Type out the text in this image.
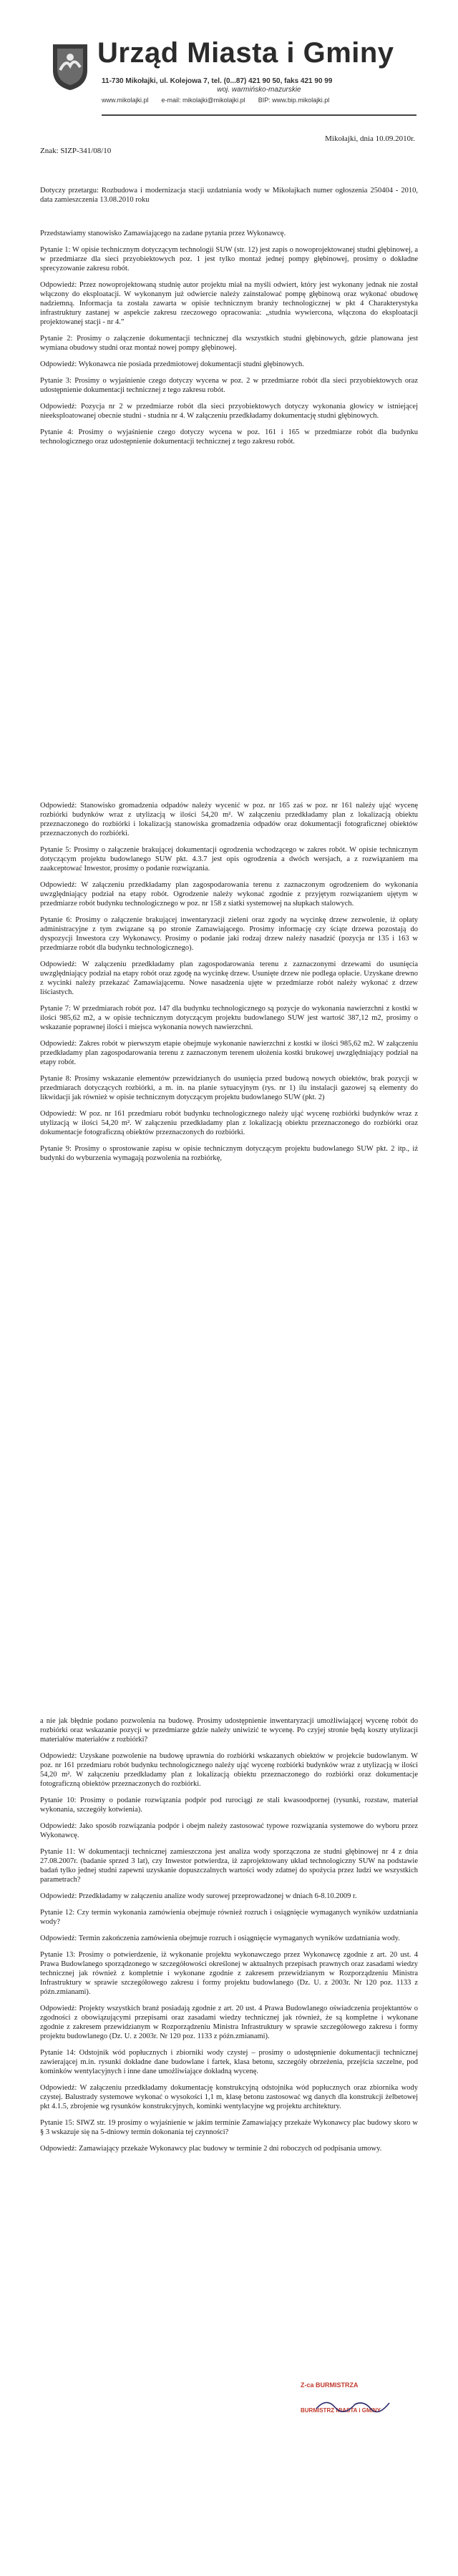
Urząd Miasta i Gminy
11-730 Mikołajki, ul. Kolejowa 7, tel. (0...87) 421 90 50, faks 421 90 99
woj. warmińsko-mazurskie
www.mikolajki.pl e-mail: mikolajki@mikolajki.pl BIP: www.bip.mikolajki.pl
Mikołajki, dnia 10.09.2010r.
Znak: SIZP-341/08/10

Dotyczy przetargu: Rozbudowa i modernizacja stacji uzdatniania wody w Mikołajkach numer ogłoszenia 250404 - 2010, data zamieszczenia 13.08.2010 roku

Przedstawiamy stanowisko Zamawiającego na zadane pytania przez Wykonawcę.

Pytanie 1: W opisie technicznym dotyczącym technologii SUW (str. 12) jest zapis o nowoprojektowanej studni głębinowej, a w przedmiarze dla sieci przyobiektowych poz. 1 jest tylko montaż jednej pompy głębinowej, prosimy o dokładne sprecyzowanie zakresu robót.

Odpowiedź: Przez nowoprojektowaną studnię autor projektu miał na myśli odwiert, który jest wykonany jednak nie został włączony do eksploatacji. W wykonanym już odwiercie należy zainstalować pompę głębinową oraz wykonać obudowę nadziemną. Informacja ta została zawarta w opisie technicznym branży technologicznej w pkt 4 Charakterystyka infrastruktury zastanej w aspekcie zakresu rzeczowego opracowania: „studnia wywiercona, włączona do eksploatacji projektowanej stacji - nr 4.”

Pytanie 2: Prosimy o załączenie dokumentacji technicznej dla wszystkich studni głębinowych, gdzie planowana jest wymiana obudowy studni oraz montaż nowej pompy głębinowej.

Odpowiedź: Wykonawca nie posiada przedmiotowej dokumentacji studni głębinowych.

Pytanie 3: Prosimy o wyjaśnienie czego dotyczy wycena w poz. 2 w przedmiarze robót dla sieci przyobiektowych oraz udostępnienie dokumentacji technicznej z tego zakresu robót.

Odpowiedź: Pozycja nr 2 w przedmiarze robót dla sieci przyobiektowych dotyczy wykonania głowicy w istniejącej nieeksploatowanej obecnie studni - studnia nr 4. W załączeniu przedkładamy dokumentację studni głębinowych.

Pytanie 4: Prosimy o wyjaśnienie czego dotyczy wycena w poz. 161 i 165 w przedmiarze robót dla budynku technologicznego oraz udostępnienie dokumentacji technicznej z tego zakresu robót.

Odpowiedź: Stanowisko gromadzenia odpadów należy wycenić w poz. nr 165 zaś w poz. nr 161 należy ująć wycenę rozbiórki budynków wraz z utylizacją w ilości 54,20 m². W załączeniu przedkładamy plan z lokalizacją obiektu przeznaczonego do rozbiórki i lokalizacją stanowiska gromadzenia odpadów oraz dokumentacji fotograficznej obiektów przeznaczonych do rozbiórki.

Pytanie 5: Prosimy o załączenie brakującej dokumentacji ogrodzenia wchodzącego w zakres robót. W opisie technicznym dotyczącym projektu budowlanego SUW pkt. 4.3.7 jest opis ogrodzenia a dwóch wersjach, a z rozwiązaniem ma zaakceptować Inwestor, prosimy o podanie rozwiązania.

Odpowiedź: W załączeniu przedkładamy plan zagospodarowania terenu z zaznaczonym ogrodzeniem do wykonania uwzględniający podział na etapy robót. Ogrodzenie należy wykonać zgodnie z przyjętym rozwiązaniem ujętym w przedmiarze robót budynku technologicznego w poz. nr 158 z siatki systemowej na słupkach stalowych.

Pytanie 6: Prosimy o załączenie brakującej inwentaryzacji zieleni oraz zgody na wycinkę drzew zezwolenie, iż opłaty administracyjne z tym związane są po stronie Zamawiającego. Prosimy informację czy ściąte drzewa pozostają do dyspozycji Inwestora czy Wykonawcy. Prosimy o podanie jaki rodzaj drzew należy nasadzić (pozycja nr 135 i 163 w przedmiarze robót dla budynku technologicznego).

Odpowiedź: W załączeniu przedkładamy plan zagospodarowania terenu z zaznaczonymi drzewami do usunięcia uwzględniający podział na etapy robót oraz zgodę na wycinkę drzew. Usunięte drzew nie podlega opłacie. Uzyskane drewno z wycinki należy przekazać Zamawiającemu. Nowe nasadzenia ujęte w przedmiarze robót należy wykonać z drzew liściastych.

Pytanie 7: W przedmiarach robót poz. 147 dla budynku technologicznego są pozycje do wykonania nawierzchni z kostki w ilości 985,62 m2, a w opisie technicznym dotyczącym projektu budowlanego SUW jest wartość 387,12 m2, prosimy o wskazanie poprawnej ilości i miejsca wykonania nowych nawierzchni.

Odpowiedź: Zakres robót w pierwszym etapie obejmuje wykonanie nawierzchni z kostki w ilości 985,62 m2. W załączeniu przedkładamy plan zagospodarowania terenu z zaznaczonym terenem ułożenia kostki brukowej uwzględniający podział na etapy robót.

Pytanie 8: Prosimy wskazanie elementów przewidzianych do usunięcia przed budową nowych obiektów, brak pozycji w przedmiarach dotyczących rozbiórki, a m. in. na planie sytuacyjnym (rys. nr 1) ilu instalacji gazowej są elementy do likwidacji jak również w opisie technicznym dotyczącym projektu budowlanego SUW (pkt. 2)

Odpowiedź: W poz. nr 161 przedmiaru robót budynku technologicznego należy ująć wycenę rozbiórki budynków wraz z utylizacją w ilości 54,20 m². W załączeniu przedkładamy plan z lokalizacją obiektu przeznaczonego do rozbiórki oraz dokumentacje fotograficzną obiektów przeznaczonych do rozbiórki.

Pytanie 9: Prosimy o sprostowanie zapisu w opisie technicznym dotyczącym projektu budowlanego SUW pkt. 2 itp., iż budynki do wyburzenia wymagają pozwolenia na rozbiórkę,

a nie jak błędnie podano pozwolenia na budowę. Prosimy udostępnienie inwentaryzacji umożliwiającej wycenę robót do rozbiórki oraz wskazanie pozycji w przedmiarze gdzie należy uniwizić te wycenę. Po czyjej stronie będą koszty utylizacji materiałów materiałów z rozbiórki?

Odpowiedź: Uzyskane pozwolenie na budowę uprawnia do rozbiórki wskazanych obiektów w projekcie budowlanym. W poz. nr 161 przedmiaru robót budynku technologicznego należy ująć wycenę rozbiórki budynków wraz z utylizacją w ilości 54,20 m². W załączeniu przedkładamy plan z lokalizacją obiektu przeznaczonego do rozbiórki oraz dokumentacje fotograficzną obiektów przeznaczonych do rozbiórki.

Pytanie 10: Prosimy o podanie rozwiązania podpór pod rurociągi ze stali kwasoodpornej (rysunki, rozstaw, materiał wykonania, szczegóły kotwienia).

Odpowiedź: Jako sposób rozwiązania podpór i obejm należy zastosować typowe rozwiązania systemowe do wyboru przez Wykonawcę.

Pytanie 11: W dokumentacji technicznej zamieszczona jest analiza wody sporzączona ze studni głębinowej nr 4 z dnia 27.08.2007r. (badanie sprzed 3 lat), czy Inwestor potwierdza, iż zaprojektowany układ technologiczny SUW na podstawie badań tylko jednej studni zapewni uzyskanie dopuszczalnych wartości wody zdatnej do spożycia przez ludzi we wszystkich parametrach?

Odpowiedź: Przedkładamy w załączeniu analize wody surowej przeprowadzonej w dniach 6-8.10.2009 r.

Pytanie 12: Czy termin wykonania zamówienia obejmuje również rozruch i osiągnięcie wymaganych wyników uzdatniania wody?

Odpowiedź: Termin zakończenia zamówienia obejmuje rozruch i osiągnięcie wymaganych wyników uzdatniania wody.

Pytanie 13: Prosimy o potwierdzenie, iż wykonanie projektu wykonawczego przez Wykonawcę zgodnie z art. 20 ust. 4 Prawa Budowlanego sporządzonego w szczegółowości określonej w aktualnych przepisach prawnych oraz zasadami wiedzy technicznej jak również z kompletnie i wykonane zgodnie z zakresem przewidzianym w Rozporządzeniu Ministra Infrastruktury w sprawie szczegółowego zakresu i formy projektu budowlanego (Dz. U. z 2003r. Nr 120 poz. 1133 z późn.zmianami).

Odpowiedź: Projekty wszystkich branż posiadają zgodnie z art. 20 ust. 4 Prawa Budowlanego oświadczenia projektantów o zgodności z obowiązującymi przepisami oraz zasadami wiedzy technicznej jak również, że są kompletne i wykonane zgodnie z zakresem przewidzianym w Rozporządzeniu Ministra Infrastruktury w sprawie szczegółowego zakresu i formy projektu budowlanego (Dz. U. z 2003r. Nr 120 poz. 1133 z późn.zmianami).

Pytanie 14: Odstojnik wód popłucznych i zbiorniki wody czystej – prosimy o udostępnienie dokumentacji technicznej zawierającej m.in. rysunki dokładne dane budowlane i fartek, klasa betonu, szczegóły obrzeżenia, przejścia szczelne, pod kominków wentylacyjnych i inne dane umożliwiające dokładną wycenę.

Odpowiedź: W załączeniu przedkładamy dokumentację konstrukcyjną odstojnika wód popłucznych oraz zbiornika wody czystej. Balustrady systemowe wykonać o wysokości 1,1 m, klasę betonu zastosować wg danych dla konstrukcji żelbetowej pkt 4.1.5, zbrojenie wg rysunków konstrukcyjnych, kominki wentylacyjne wg projektu architektury.

Pytanie 15: SIWZ str. 19 prosimy o wyjaśnienie w jakim terminie Zamawiający przekaże Wykonawcy plac budowy skoro w § 3 wskazuje się na 5-dniowy termin dokonania tej czynności?

Odpowiedź: Zamawiający przekaże Wykonawcy plac budowy w terminie 2 dni roboczych od podpisania umowy.

Z-ca BURMISTRZA
BURMISTRZ MIASTA i GMINY
